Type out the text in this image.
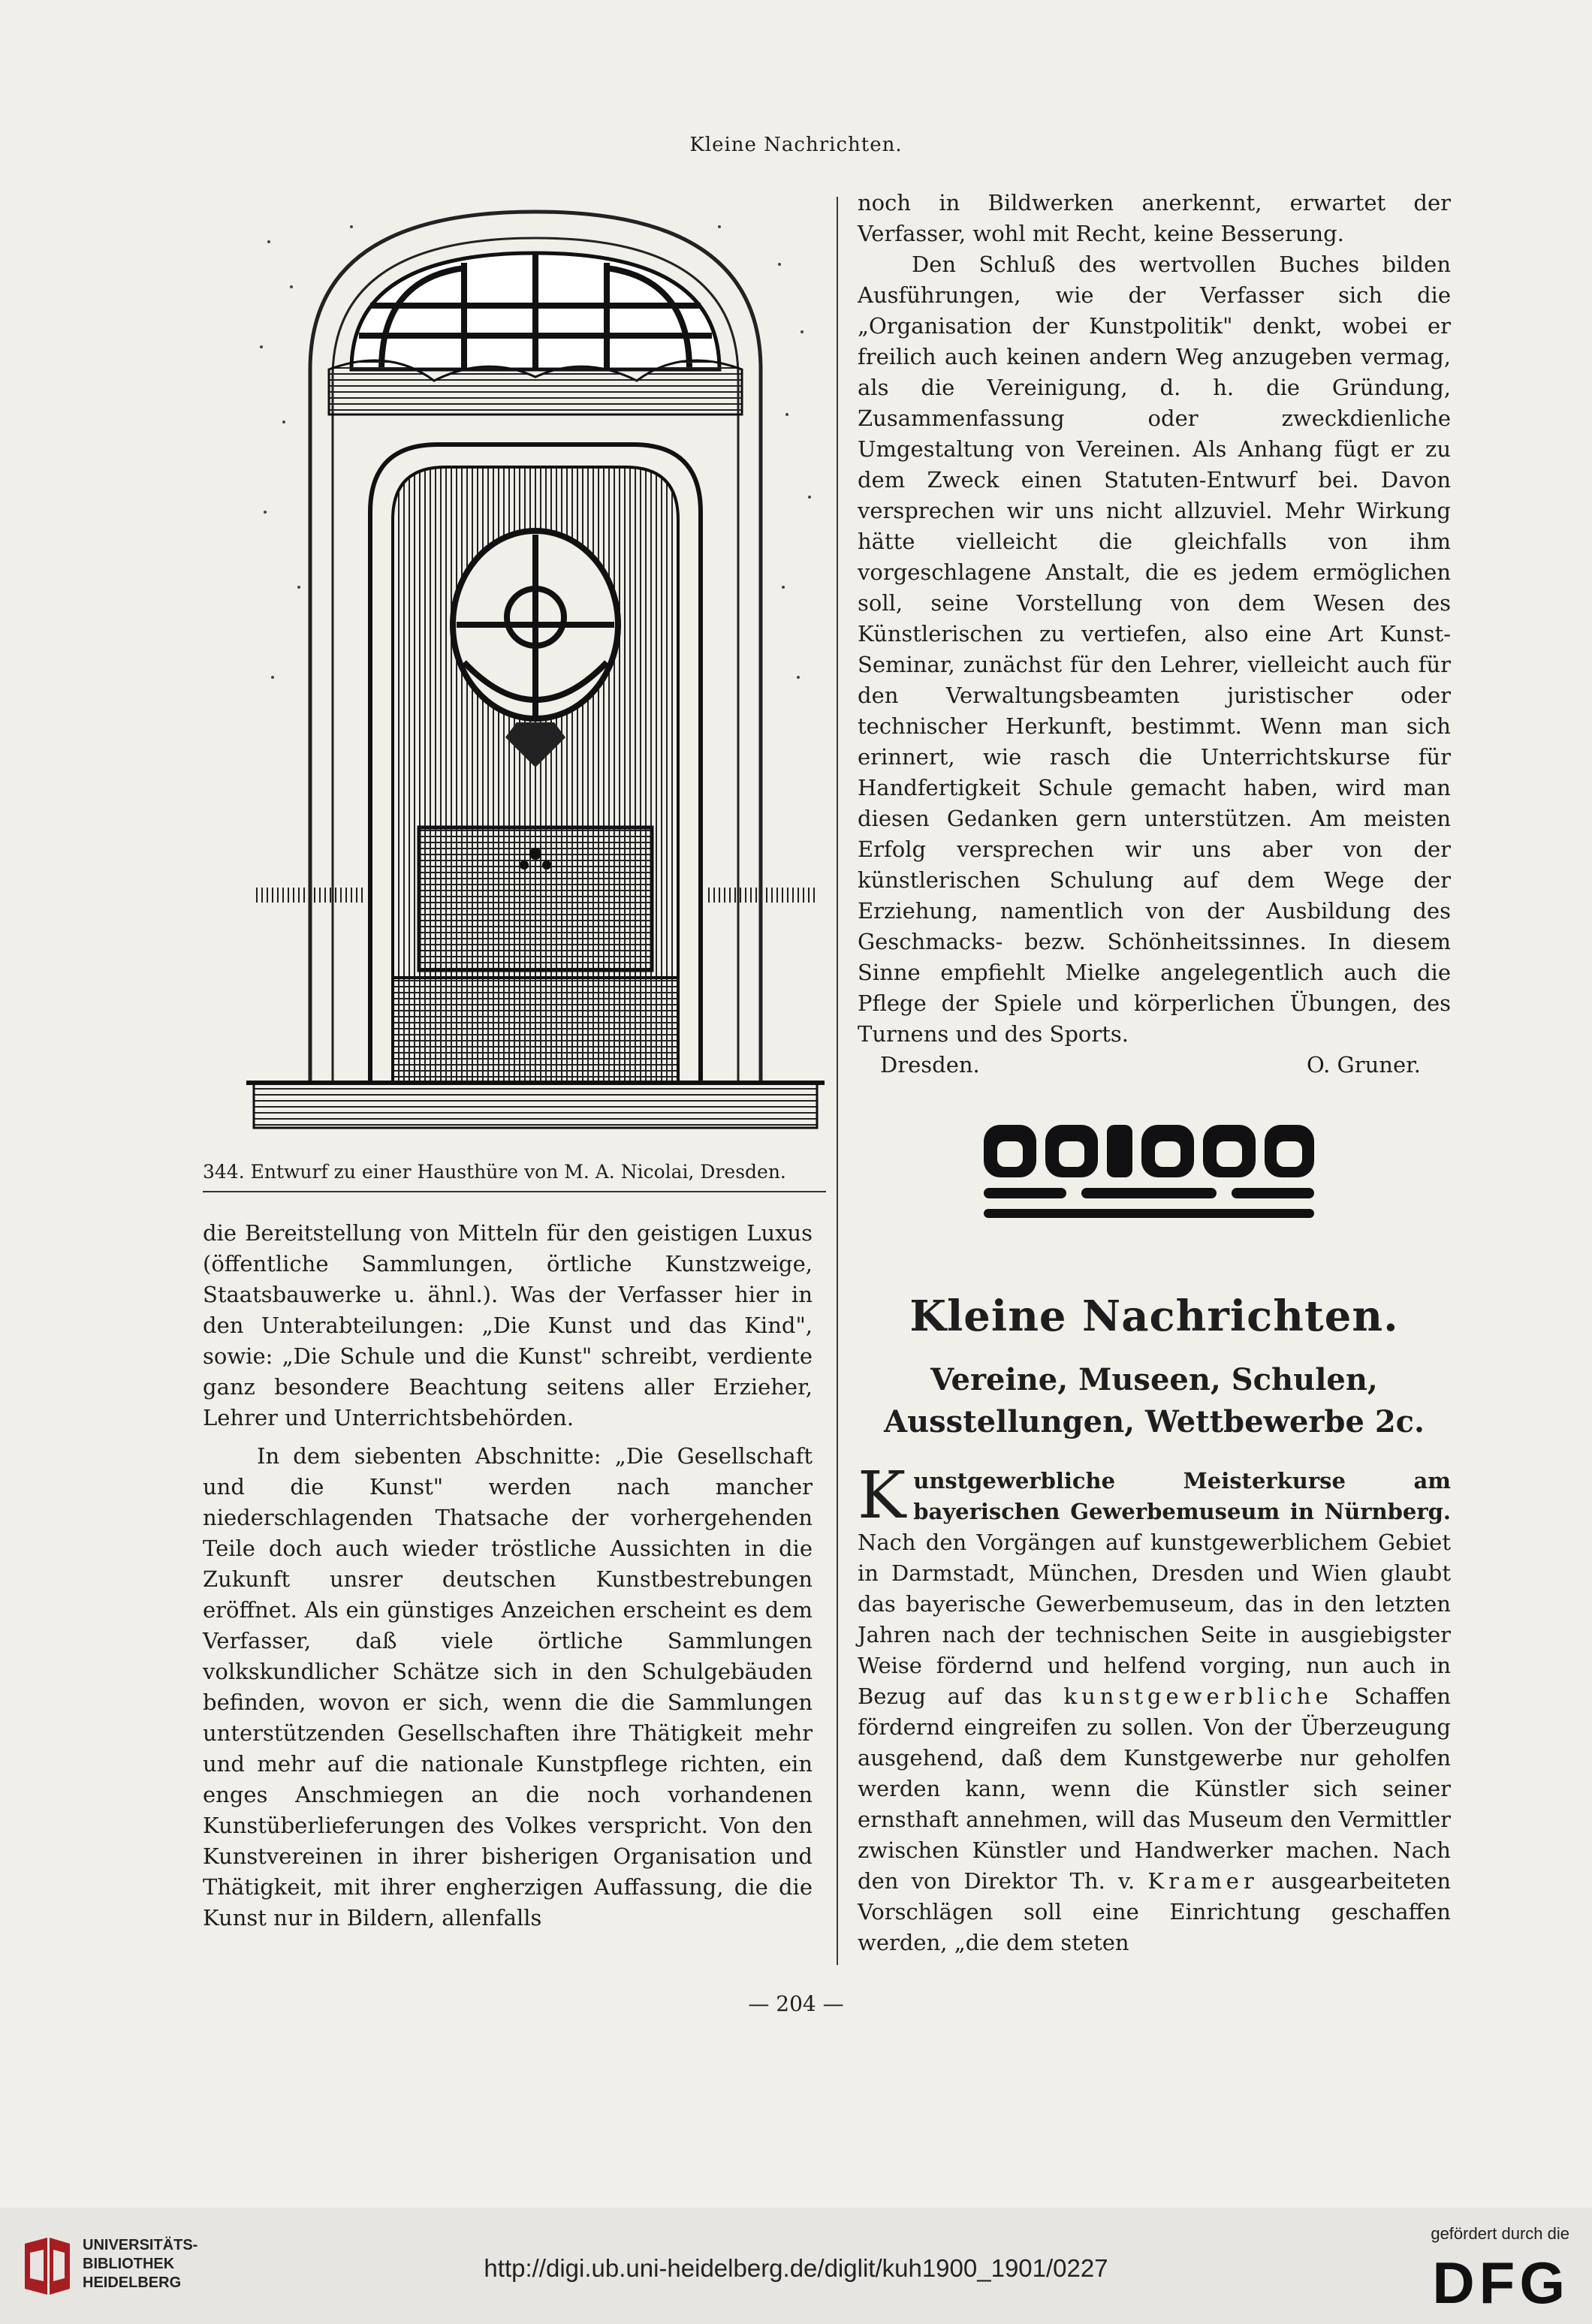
Kleine Nachrichten.
344. Entwurf zu einer Hausthüre von M. A. Nicolai, Dresden.

die Bereitstellung von Mitteln für den geistigen Luxus (öffentliche Sammlungen, örtliche Kunstzweige, Staatsbauwerke u. ähnl.). Was der Verfasser hier in den Unterabteilungen: „Die Kunst und das Kind", sowie: „Die Schule und die Kunst" schreibt, verdiente ganz besondere Beachtung seitens aller Erzieher, Lehrer und Unterrichtsbehörden.

In dem siebenten Abschnitte: „Die Gesellschaft und die Kunst" werden nach mancher niederschlagenden Thatsache der vorhergehenden Teile doch auch wieder tröstliche Aussichten in die Zukunft unsrer deutschen Kunstbestrebungen eröffnet. Als ein günstiges Anzeichen erscheint es dem Verfasser, daß viele örtliche Sammlungen volkskundlicher Schätze sich in den Schulgebäuden befinden, wovon er sich, wenn die die Sammlungen unterstützenden Gesellschaften ihre Thätigkeit mehr und mehr auf die nationale Kunstpflege richten, ein enges Anschmiegen an die noch vorhandenen Kunstüberlieferungen des Volkes verspricht. Von den Kunstvereinen in ihrer bisherigen Organisation und Thätigkeit, mit ihrer engherzigen Auffassung, die die Kunst nur in Bildern, allenfalls

noch in Bildwerken anerkennt, erwartet der Verfasser, wohl mit Recht, keine Besserung.

Den Schluß des wertvollen Buches bilden Ausführungen, wie der Verfasser sich die „Organisation der Kunstpolitik" denkt, wobei er freilich auch keinen andern Weg anzugeben vermag, als die Vereinigung, d. h. die Gründung, Zusammenfassung oder zweckdienliche Umgestaltung von Vereinen. Als Anhang fügt er zu dem Zweck einen Statuten-Entwurf bei. Davon versprechen wir uns nicht allzuviel. Mehr Wirkung hätte vielleicht die gleichfalls von ihm vorgeschlagene Anstalt, die es jedem ermöglichen soll, seine Vorstellung von dem Wesen des Künstlerischen zu vertiefen, also eine Art Kunst-Seminar, zunächst für den Lehrer, vielleicht auch für den Verwaltungsbeamten juristischer oder technischer Herkunft, bestimmt. Wenn man sich erinnert, wie rasch die Unterrichtskurse für Handfertigkeit Schule gemacht haben, wird man diesen Gedanken gern unterstützen. Am meisten Erfolg versprechen wir uns aber von der künstlerischen Schulung auf dem Wege der Erziehung, namentlich von der Ausbildung des Geschmacks- bezw. Schönheitssinnes. In diesem Sinne empfiehlt Mielke angelegentlich auch die Pflege der Spiele und körperlichen Übungen, des Turnens und des Sports.

Dresden.	O. Gruner.
Kleine Nachrichten.
Vereine, Museen, Schulen, Ausstellungen, Wettbewerbe 2c.

K unstgewerbliche Meisterkurse am bayerischen Gewerbemuseum in Nürnberg. Nach den Vorgängen auf kunstgewerblichem Gebiet in Darmstadt, München, Dresden und Wien glaubt das bayerische Gewerbemuseum, das in den letzten Jahren nach der technischen Seite in ausgiebigster Weise fördernd und helfend vorging, nun auch in Bezug auf das kunstgewerbliche Schaffen fördernd eingreifen zu sollen. Von der Überzeugung ausgehend, daß dem Kunstgewerbe nur geholfen werden kann, wenn die Künstler sich seiner ernsthaft annehmen, will das Museum den Vermittler zwischen Künstler und Handwerker machen. Nach den von Direktor Th. v. Kramer ausgearbeiteten Vorschlägen soll eine Einrichtung geschaffen werden, „die dem steten

— 204 —
UNIVERSITÄTS-
BIBLIOTHEK
HEIDELBERG
http://digi.ub.uni-heidelberg.de/diglit/kuh1900_1901/0227
gefördert durch die
DFG
